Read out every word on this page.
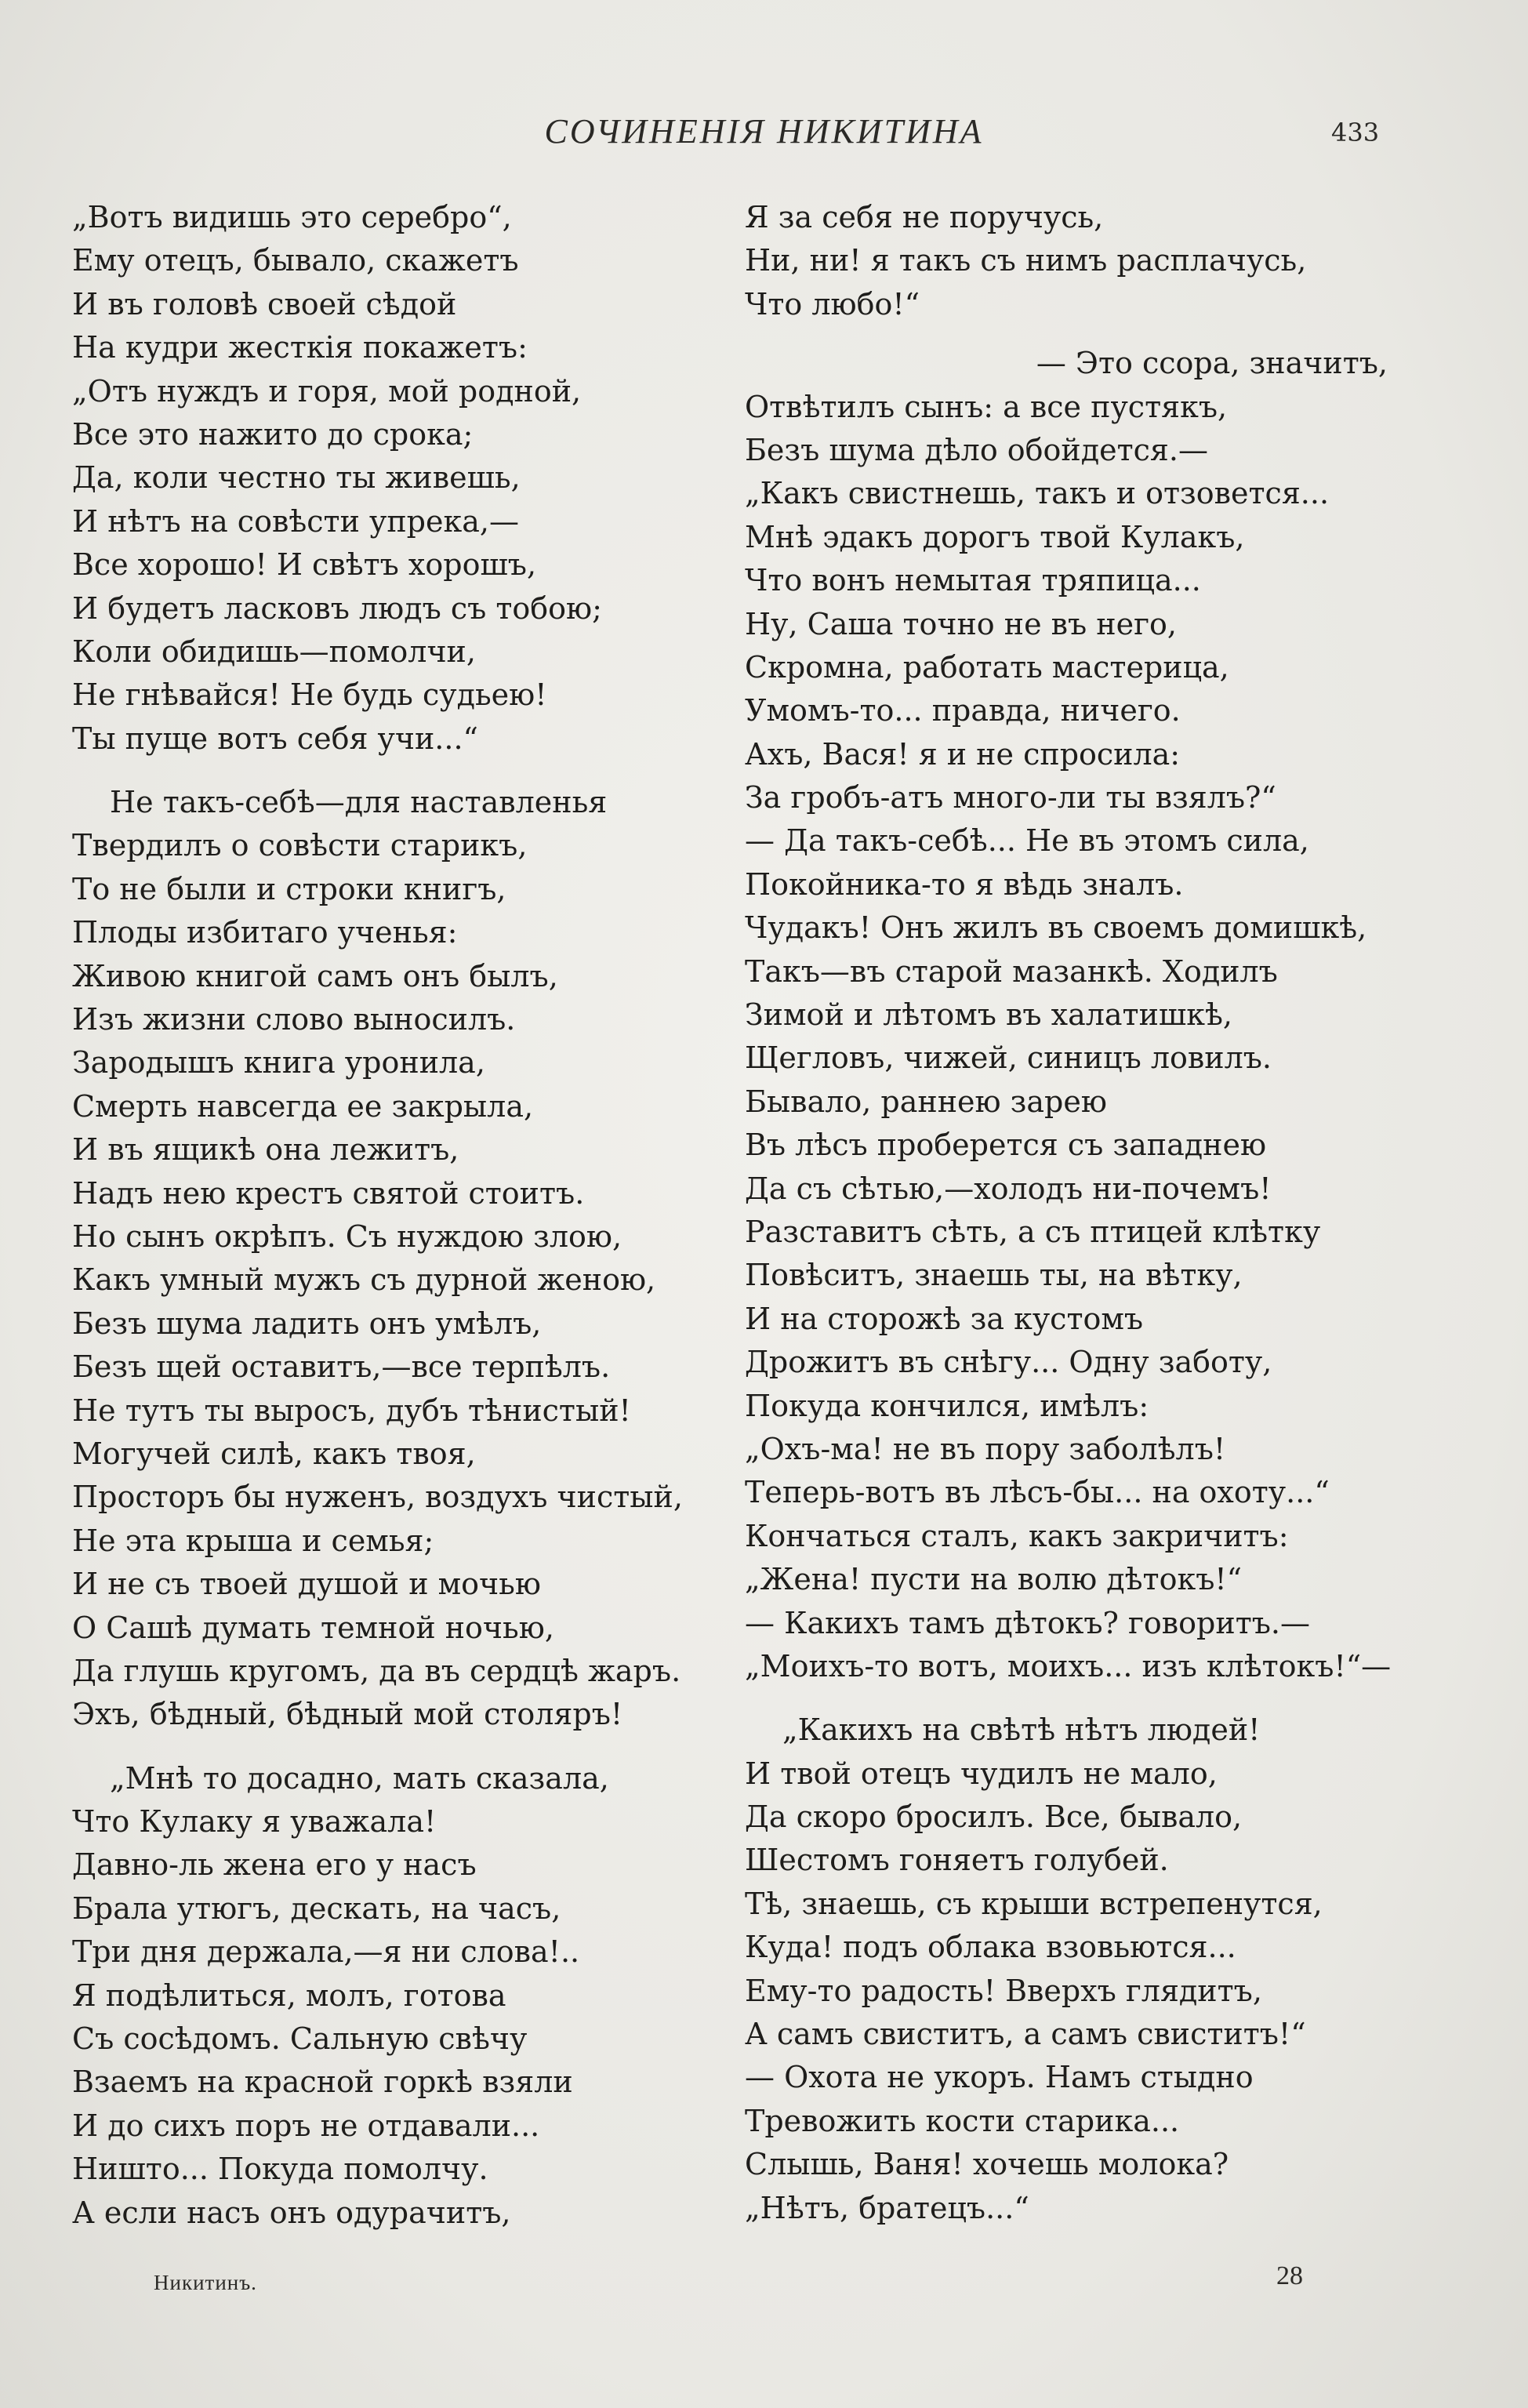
СОЧИНЕНІЯ НИКИТИНА	433
„Вотъ видишь это серебро“,
Ему отецъ, бывало, скажетъ
И въ головѣ своей сѣдой
На кудри жесткія покажетъ:
„Отъ нуждъ и горя, мой родной,
Все это нажито до срока;
Да, коли честно ты живешь,
И нѣтъ на совѣсти упрека,—
Все хорошо! И свѣтъ хорошъ,
И будетъ ласковъ людъ съ тобою;
Коли обидишь—помолчи,
Не гнѣвайся! Не будь судьею!
Ты пуще вотъ себя учи...“
Не такъ-себѣ—для наставленья
Твердилъ о совѣсти старикъ,
То не были и строки книгъ,
Плоды избитаго ученья:
Живою книгой самъ онъ былъ,
Изъ жизни слово выносилъ.
Зародышъ книга уронила,
Смерть навсегда ее закрыла,
И въ ящикѣ она лежитъ,
Надъ нею крестъ святой стоитъ.
Но сынъ окрѣпъ. Съ нуждою злою,
Какъ умный мужъ съ дурной женою,
Безъ шума ладить онъ умѣлъ,
Безъ щей оставитъ,—все терпѣлъ.
Не тутъ ты выросъ, дубъ тѣнистый!
Могучей силѣ, какъ твоя,
Просторъ бы нуженъ, воздухъ чистый,
Не эта крыша и семья;
И не съ твоей душой и мочью
О Сашѣ думать темной ночью,
Да глушь кругомъ, да въ сердцѣ жаръ.
Эхъ, бѣдный, бѣдный мой столяръ!
„Мнѣ то досадно, мать сказала,
Что Кулаку я уважала!
Давно-ль жена его у насъ
Брала утюгъ, дескать, на часъ,
Три дня держала,—я ни слова!..
Я подѣлиться, молъ, готова
Съ сосѣдомъ. Сальную свѣчу
Взаемъ на красной горкѣ взяли
И до сихъ поръ не отдавали...
Ништо... Покуда помолчу.
А если насъ онъ одурачитъ,
Я за себя не поручусь,
Ни, ни! я такъ съ нимъ расплачусь,
Что любо!“
— Это ссора, значитъ,
Отвѣтилъ сынъ: а все пустякъ,
Безъ шума дѣло обойдется.—
„Какъ свистнешь, такъ и отзовется...
Мнѣ эдакъ дорогъ твой Кулакъ,
Что вонъ немытая тряпица...
Ну, Саша точно не въ него,
Скромна, работать мастерица,
Умомъ-то... правда, ничего.
Ахъ, Вася! я и не спросила:
За гробъ-атъ много-ли ты взялъ?“
— Да такъ-себѣ... Не въ этомъ сила,
Покойника-то я вѣдь зналъ.
Чудакъ! Онъ жилъ въ своемъ домишкѣ,
Такъ—въ старой мазанкѣ. Ходилъ
Зимой и лѣтомъ въ халатишкѣ,
Щегловъ, чижей, синицъ ловилъ.
Бывало, раннею зарею
Въ лѣсъ проберется съ западнею
Да съ сѣтью,—холодъ ни-почемъ!
Разставитъ сѣть, а съ птицей клѣтку
Повѣситъ, знаешь ты, на вѣтку,
И на сторожѣ за кустомъ
Дрожитъ въ снѣгу... Одну заботу,
Покуда кончился, имѣлъ:
„Охъ-ма! не въ пору заболѣлъ!
Теперь-вотъ въ лѣсъ-бы... на охоту...“
Кончаться сталъ, какъ закричитъ:
„Жена! пусти на волю дѣтокъ!“
— Какихъ тамъ дѣтокъ? говоритъ.—
„Моихъ-то вотъ, моихъ... изъ клѣтокъ!“—
„Какихъ на свѣтѣ нѣтъ людей!
И твой отецъ чудилъ не мало,
Да скоро бросилъ. Все, бывало,
Шестомъ гоняетъ голубей.
Тѣ, знаешь, съ крыши встрепенутся,
Куда! подъ облака взовьются...
Ему-то радость! Вверхъ глядитъ,
А самъ свиститъ, а самъ свиститъ!“
— Охота не укоръ. Намъ стыдно
Тревожить кости старика...
Слышь, Ваня! хочешь молока?
„Нѣтъ, братецъ...“
Никитинъ.	28
